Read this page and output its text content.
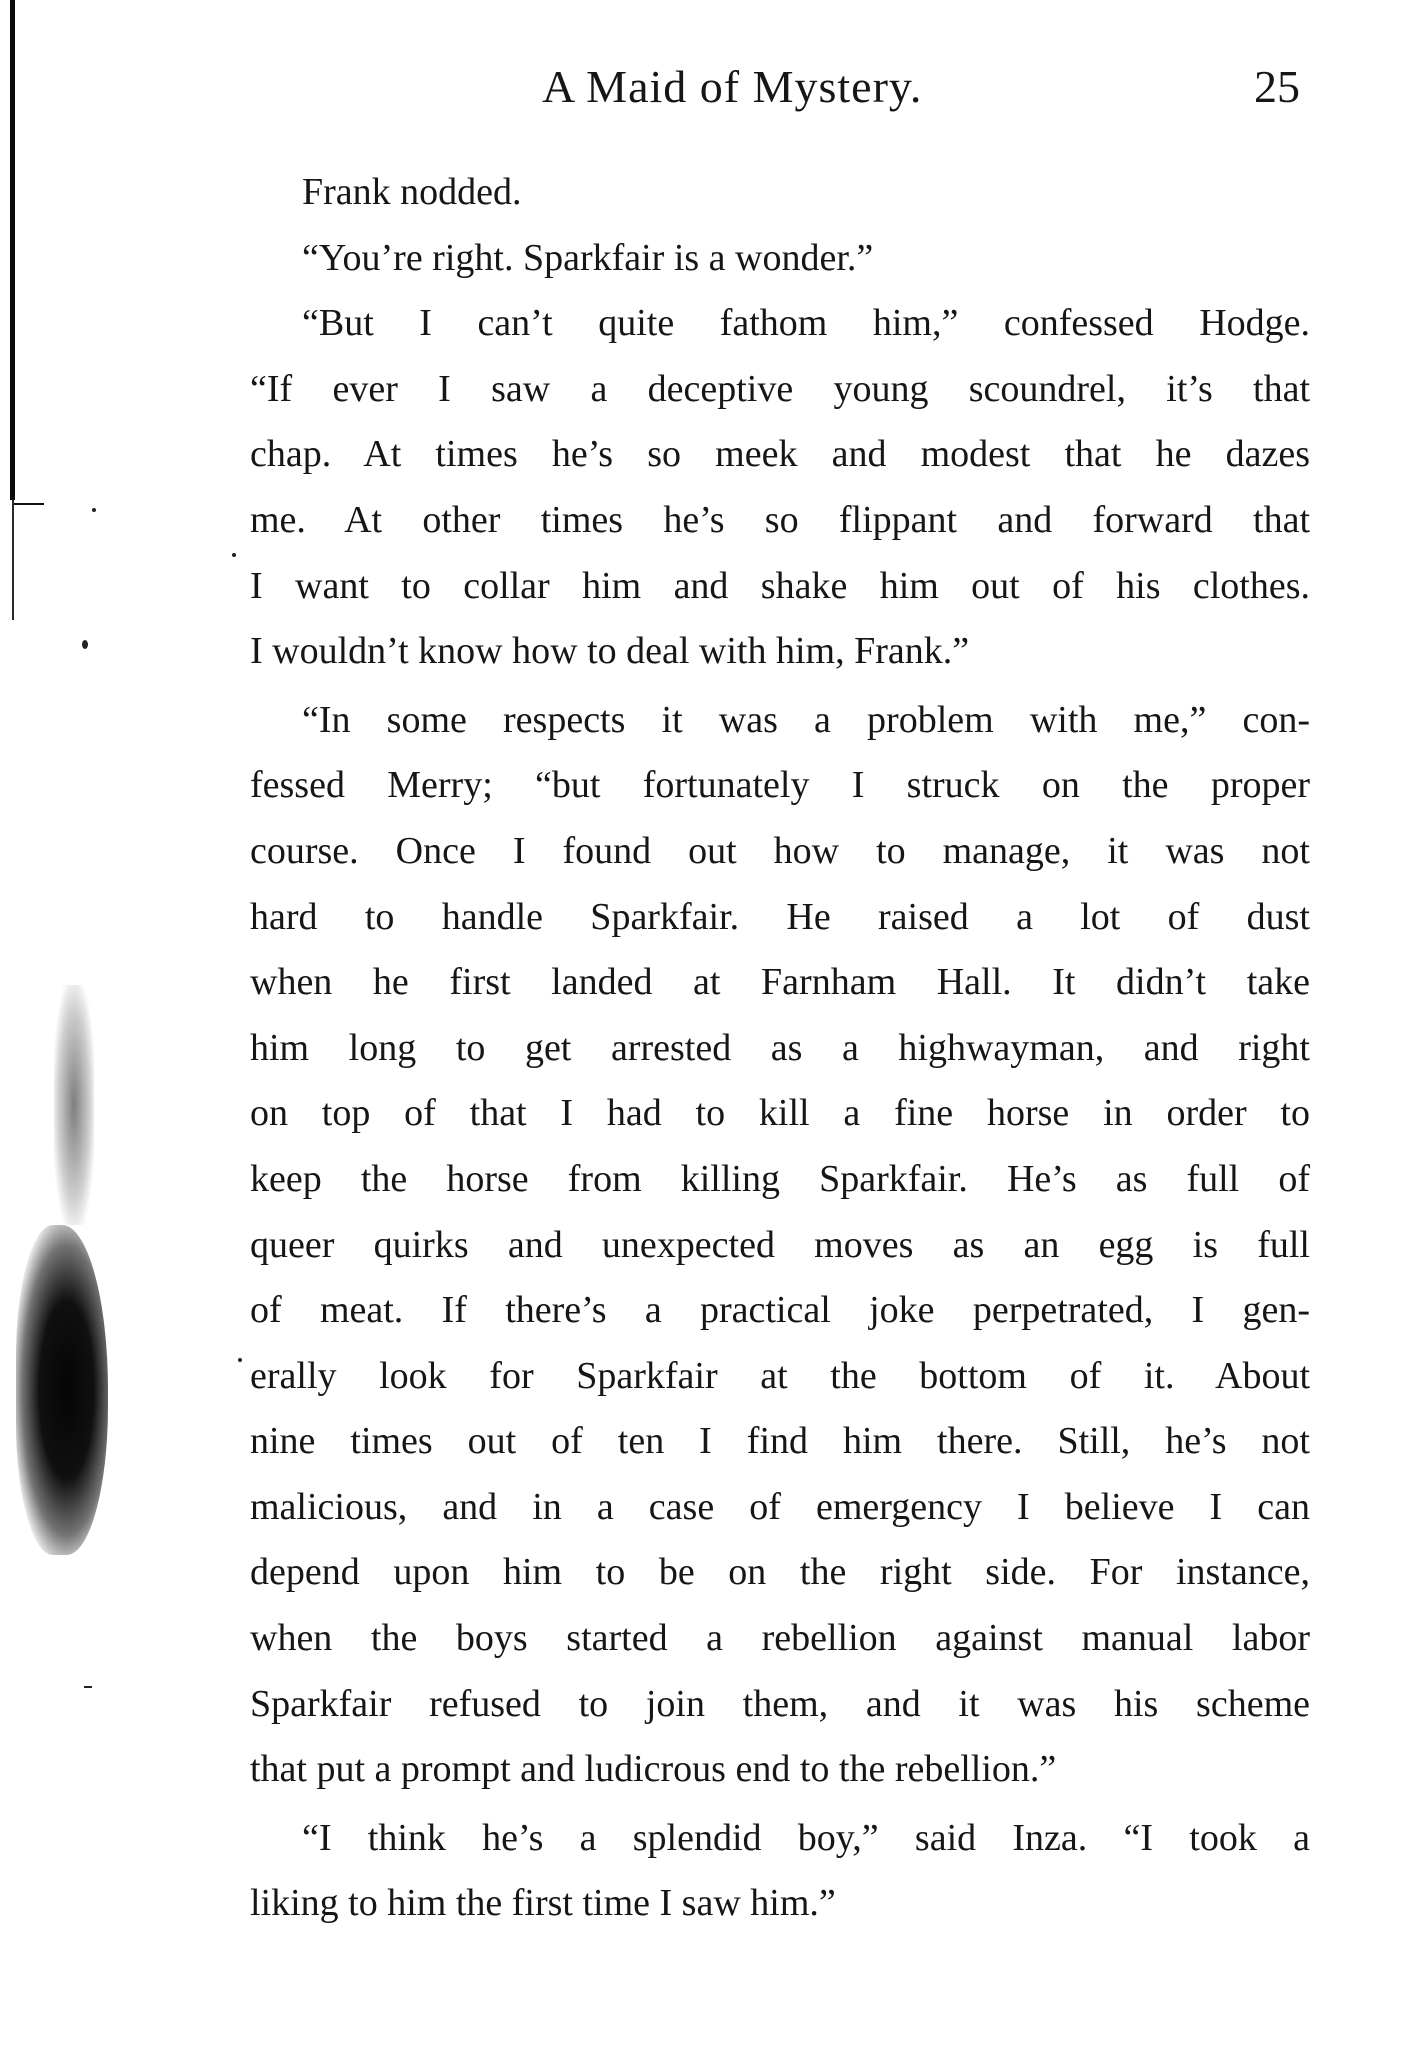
A Maid of Mystery.	25
Frank nodded.
“You’re right. Sparkfair is a wonder.”
“But I can’t quite fathom him,” confessed Hodge.
“If ever I saw a deceptive young scoundrel, it’s that
chap. At times he’s so meek and modest that he dazes
me. At other times he’s so flippant and forward that
I want to collar him and shake him out of his clothes.
I wouldn’t know how to deal with him, Frank.”
“In some respects it was a problem with me,” con-
fessed Merry; “but fortunately I struck on the proper
course. Once I found out how to manage, it was not
hard to handle Sparkfair. He raised a lot of dust
when he first landed at Farnham Hall. It didn’t take
him long to get arrested as a highwayman, and right
on top of that I had to kill a fine horse in order to
keep the horse from killing Sparkfair. He’s as full of
queer quirks and unexpected moves as an egg is full
of meat. If there’s a practical joke perpetrated, I gen-
erally look for Sparkfair at the bottom of it. About
nine times out of ten I find him there. Still, he’s not
malicious, and in a case of emergency I believe I can
depend upon him to be on the right side. For instance,
when the boys started a rebellion against manual labor
Sparkfair refused to join them, and it was his scheme
that put a prompt and ludicrous end to the rebellion.”
“I think he’s a splendid boy,” said Inza. “I took a
liking to him the first time I saw him.”
